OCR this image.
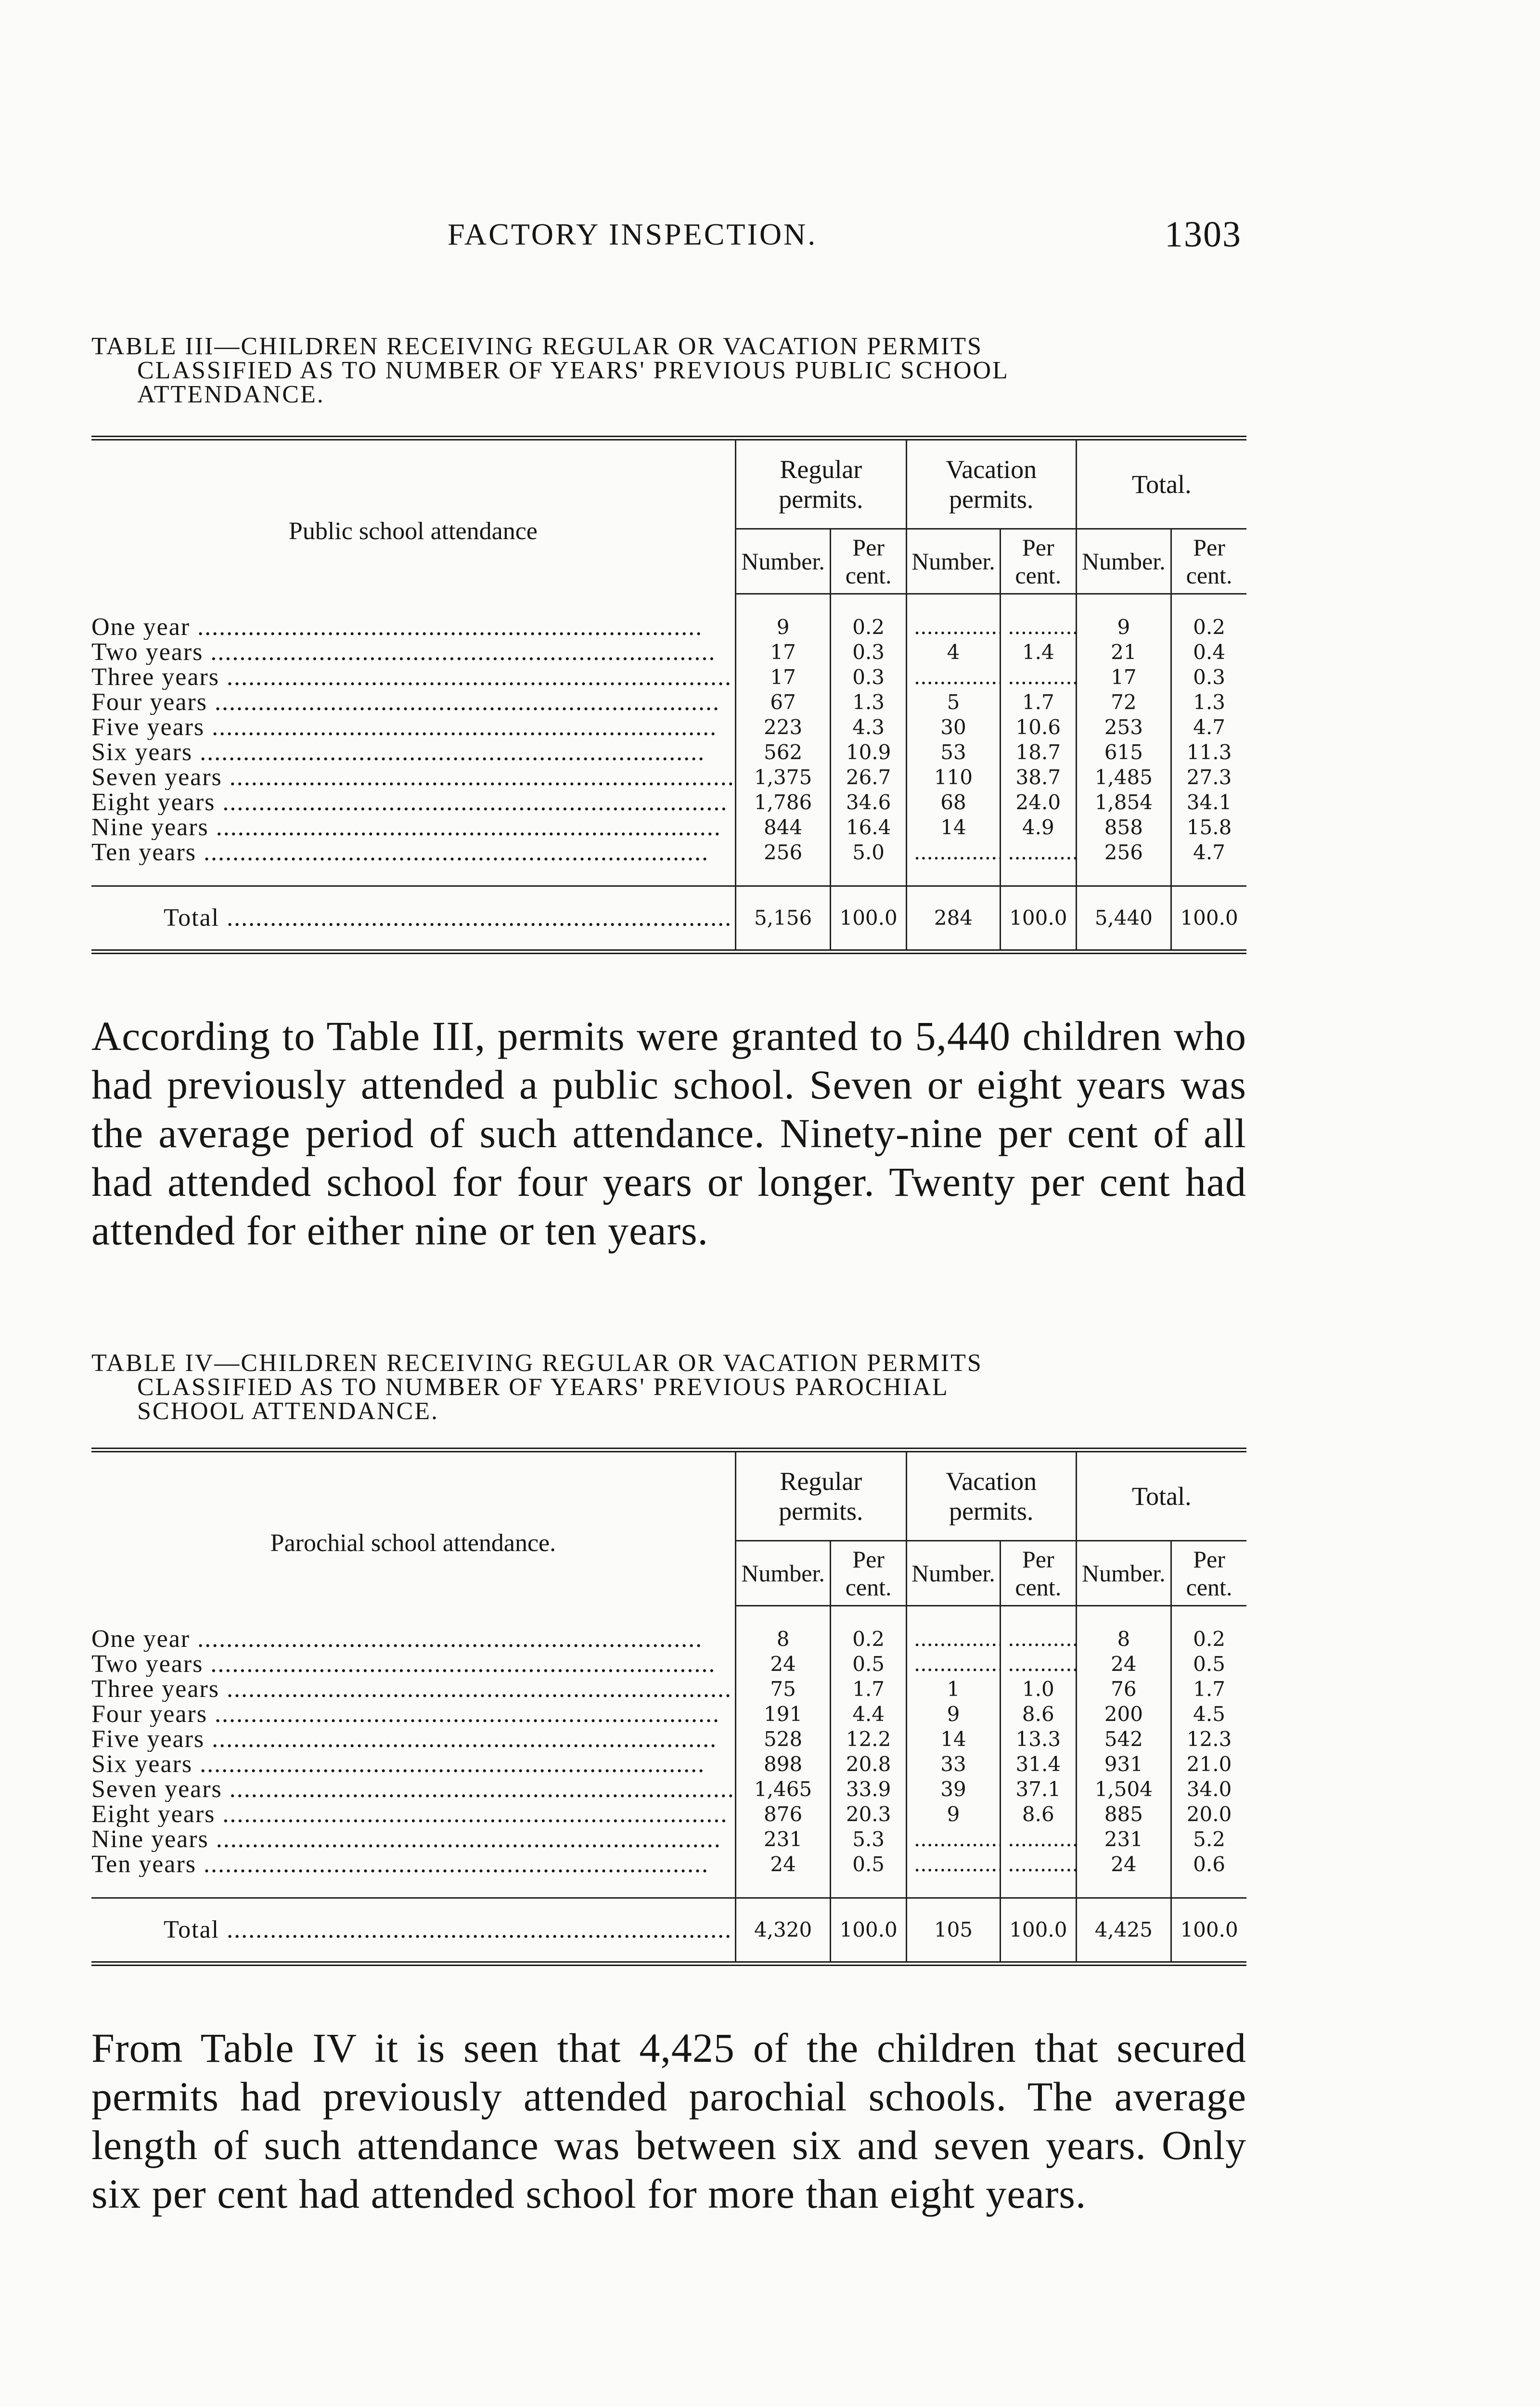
FACTORY INSPECTION.	1303

TABLE III—CHILDREN RECEIVING REGULAR OR VACATION PERMITS
CLASSIFIED AS TO NUMBER OF YEARS' PREVIOUS PUBLIC SCHOOL
ATTENDANCE.

Public school attendance	Regular permits.		Vacation permits.		Total.	
	Number.	Per cent.	Number.	Per cent.	Number.	Per cent.

One year .....	9	0.2	.....	.....	9	0.2
Two years .....	17	0.3	4	1.4	21	0.4
Three years .....	17	0.3	.....	.....	17	0.3
Four years .....	67	1.3	5	1.7	72	1.3
Five years .....	223	4.3	30	10.6	253	4.7
Six years .....	562	10.9	53	18.7	615	11.3
Seven years .....	1,375	26.7	110	38.7	1,485	27.3
Eight years .....	1,786	34.6	68	24.0	1,854	34.1
Nine years .....	844	16.4	14	4.9	858	15.8
Ten years .....	256	5.0	.....	.....	256	4.7

Total .....	5,156	100.0	284	100.0	5,440	100.0

According to Table III, permits were granted to 5,440 children who had previously attended a public school. Seven or eight years was the average period of such attendance. Ninety-nine per cent of all had attended school for four years or longer. Twenty per cent had attended for either nine or ten years.

TABLE IV—CHILDREN RECEIVING REGULAR OR VACATION PERMITS
CLASSIFIED AS TO NUMBER OF YEARS' PREVIOUS PAROCHIAL
SCHOOL ATTENDANCE.

Parochial school attendance.	Regular permits.		Vacation permits.		Total.	
	Number.	Per cent.	Number.	Per cent.	Number.	Per cent.

One year .....	8	0.2	.....	.....	8	0.2
Two years .....	24	0.5	.....	.....	24	0.5
Three years .....	75	1.7	1	1.0	76	1.7
Four years .....	191	4.4	9	8.6	200	4.5
Five years .....	528	12.2	14	13.3	542	12.3
Six years .....	898	20.8	33	31.4	931	21.0
Seven years .....	1,465	33.9	39	37.1	1,504	34.0
Eight years .....	876	20.3	9	8.6	885	20.0
Nine years .....	231	5.3	.....	.....	231	5.2
Ten years .....	24	0.5	.....	.....	24	0.6

Total .....	4,320	100.0	105	100.0	4,425	100.0

From Table IV it is seen that 4,425 of the children that secured permits had previously attended parochial schools. The average length of such attendance was between six and seven years. Only six per cent had attended school for more than eight years.
